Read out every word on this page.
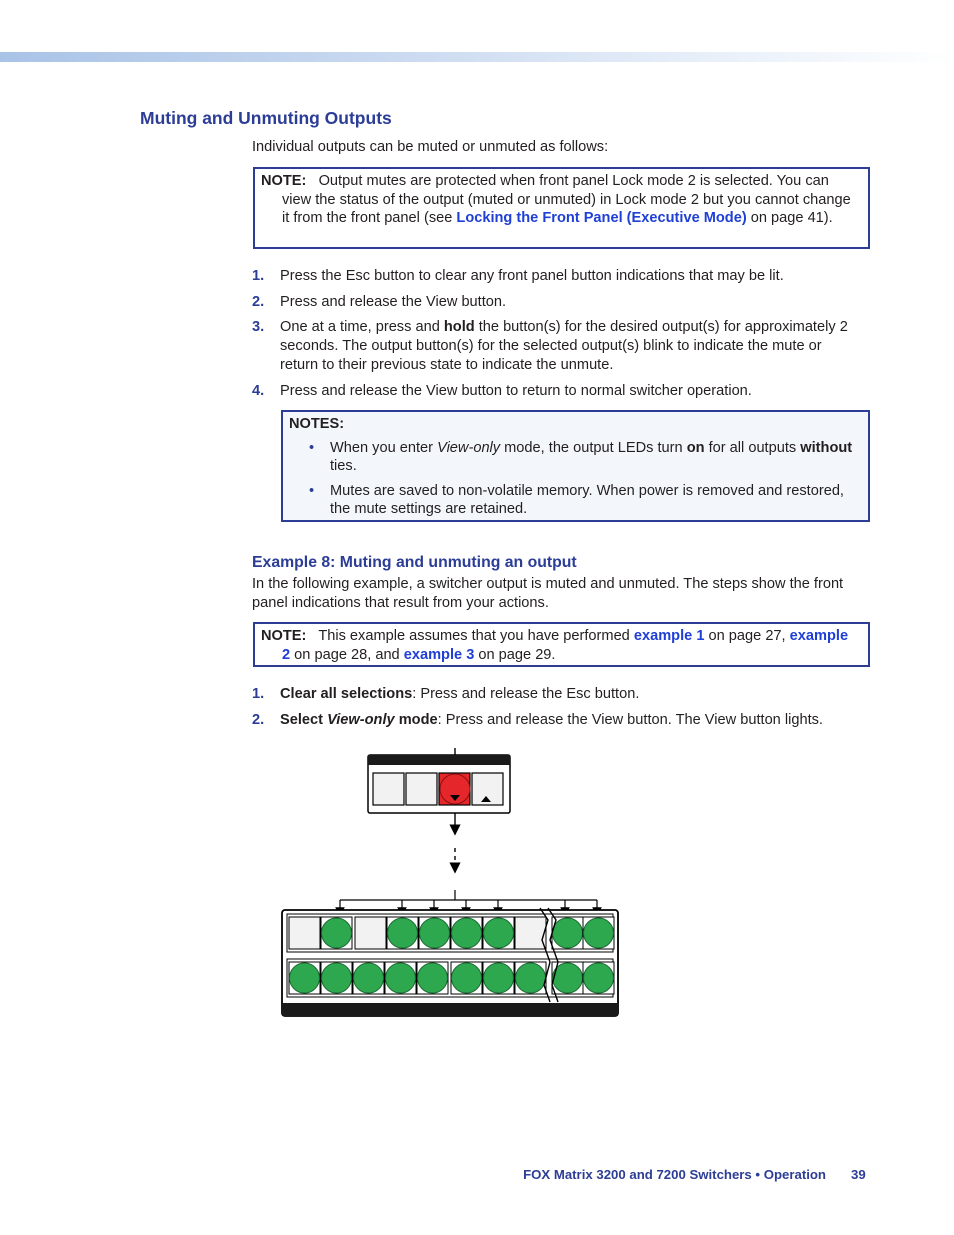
Muting and Unmuting Outputs
Individual outputs can be muted or unmuted as follows:
NOTE: Output mutes are protected when front panel Lock mode 2 is selected. You can view the status of the output (muted or unmuted) in Lock mode 2 but you cannot change it from the front panel (see Locking the Front Panel (Executive Mode) on page 41).
1. Press the Esc button to clear any front panel button indications that may be lit.
2. Press and release the View button.
3. One at a time, press and hold the button(s) for the desired output(s) for approximately 2 seconds. The output button(s) for the selected output(s) blink to indicate the mute or return to their previous state to indicate the unmute.
4. Press and release the View button to return to normal switcher operation.
NOTES:
• When you enter View-only mode, the output LEDs turn on for all outputs without ties.
• Mutes are saved to non-volatile memory. When power is removed and restored, the mute settings are retained.
Example 8: Muting and unmuting an output
In the following example, a switcher output is muted and unmuted. The steps show the front panel indications that result from your actions.
NOTE: This example assumes that you have performed example 1 on page 27, example 2 on page 28, and example 3 on page 29.
1. Clear all selections: Press and release the Esc button.
2. Select View-only mode: Press and release the View button. The View button lights.
FOX Matrix 3200 and 7200 Switchers • Operation 39
